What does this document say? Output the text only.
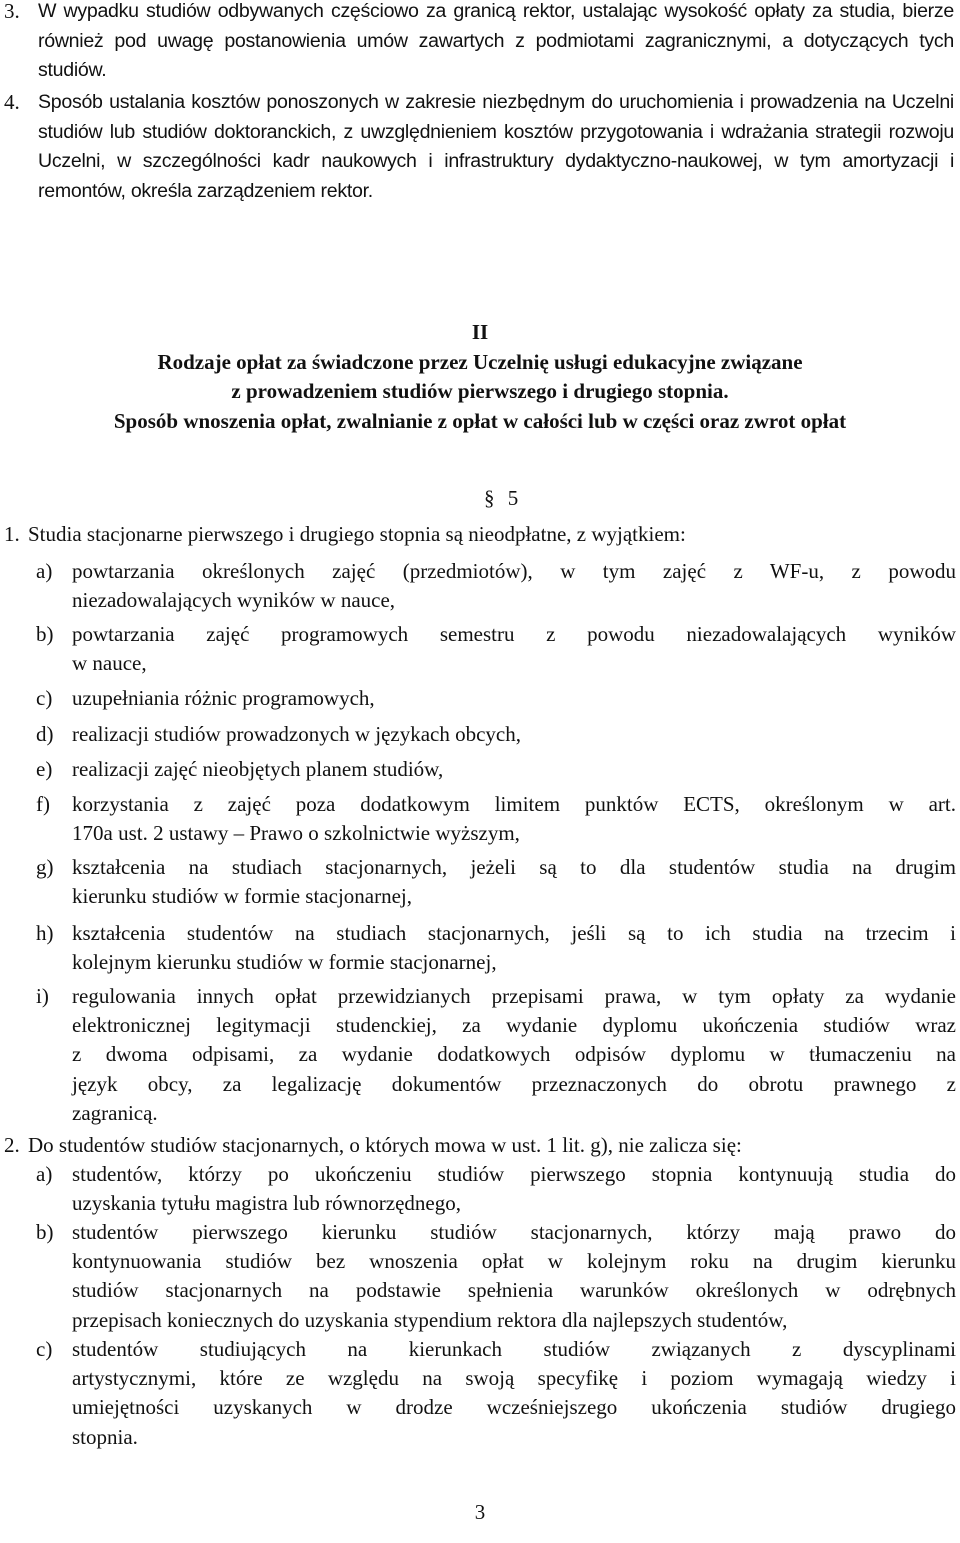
3. W wypadku studiów odbywanych częściowo za granicą rektor, ustalając wysokość opłaty za studia, bierze również pod uwagę postanowienia umów zawartych z podmiotami zagranicznymi, a dotyczących tych studiów.
4. Sposób ustalania kosztów ponoszonych w zakresie niezbędnym do uruchomienia i prowadzenia na Uczelni studiów lub studiów doktoranckich, z uwzględnieniem kosztów przygotowania i wdrażania strategii rozwoju Uczelni, w szczególności kadr naukowych i infrastruktury dydaktyczno-naukowej, w tym amortyzacji i remontów, określa zarządzeniem rektor.
II
Rodzaje opłat za świadczone przez Uczelnię usługi edukacyjne związane
z prowadzeniem studiów pierwszego i drugiego stopnia.
Sposób wnoszenia opłat, zwalnianie z opłat w całości lub w części oraz zwrot opłat
§ 5
1. Studia stacjonarne pierwszego i drugiego stopnia są nieodpłatne, z wyjątkiem:
a) powtarzania określonych zajęć (przedmiotów), w tym zajęć z WF-u, z powodu
niezadowalających wyników w nauce,
b) powtarzania zajęć programowych semestru z powodu niezadowalających wyników
w nauce,
c) uzupełniania różnic programowych,
d) realizacji studiów prowadzonych w językach obcych,
e) realizacji zajęć nieobjętych planem studiów,
f) korzystania z zajęć poza dodatkowym limitem punktów ECTS, określonym w art.
170a ust. 2 ustawy – Prawo o szkolnictwie wyższym,
g) kształcenia na studiach stacjonarnych, jeżeli są to dla studentów studia na drugim
kierunku studiów w formie stacjonarnej,
h) kształcenia studentów na studiach stacjonarnych, jeśli są to ich studia na trzecim i
kolejnym kierunku studiów w formie stacjonarnej,
i) regulowania innych opłat przewidzianych przepisami prawa, w tym opłaty za wydanie
elektronicznej legitymacji studenckiej, za wydanie dyplomu ukończenia studiów wraz
z dwoma odpisami, za wydanie dodatkowych odpisów dyplomu w tłumaczeniu na
język obcy, za legalizację dokumentów przeznaczonych do obrotu prawnego z
zagranicą.
2. Do studentów studiów stacjonarnych, o których mowa w ust. 1 lit. g), nie zalicza się:
a) studentów, którzy po ukończeniu studiów pierwszego stopnia kontynuują studia do
uzyskania tytułu magistra lub równorzędnego,
b) studentów pierwszego kierunku studiów stacjonarnych, którzy mają prawo do
kontynuowania studiów bez wnoszenia opłat w kolejnym roku na drugim kierunku
studiów stacjonarnych na podstawie spełnienia warunków określonych w odrębnych
przepisach koniecznych do uzyskania stypendium rektora dla najlepszych studentów,
c) studentów studiujących na kierunkach studiów związanych z dyscyplinami
artystycznymi, które ze względu na swoją specyfikę i poziom wymagają wiedzy i
umiejętności uzyskanych w drodze wcześniejszego ukończenia studiów drugiego
stopnia.
3
